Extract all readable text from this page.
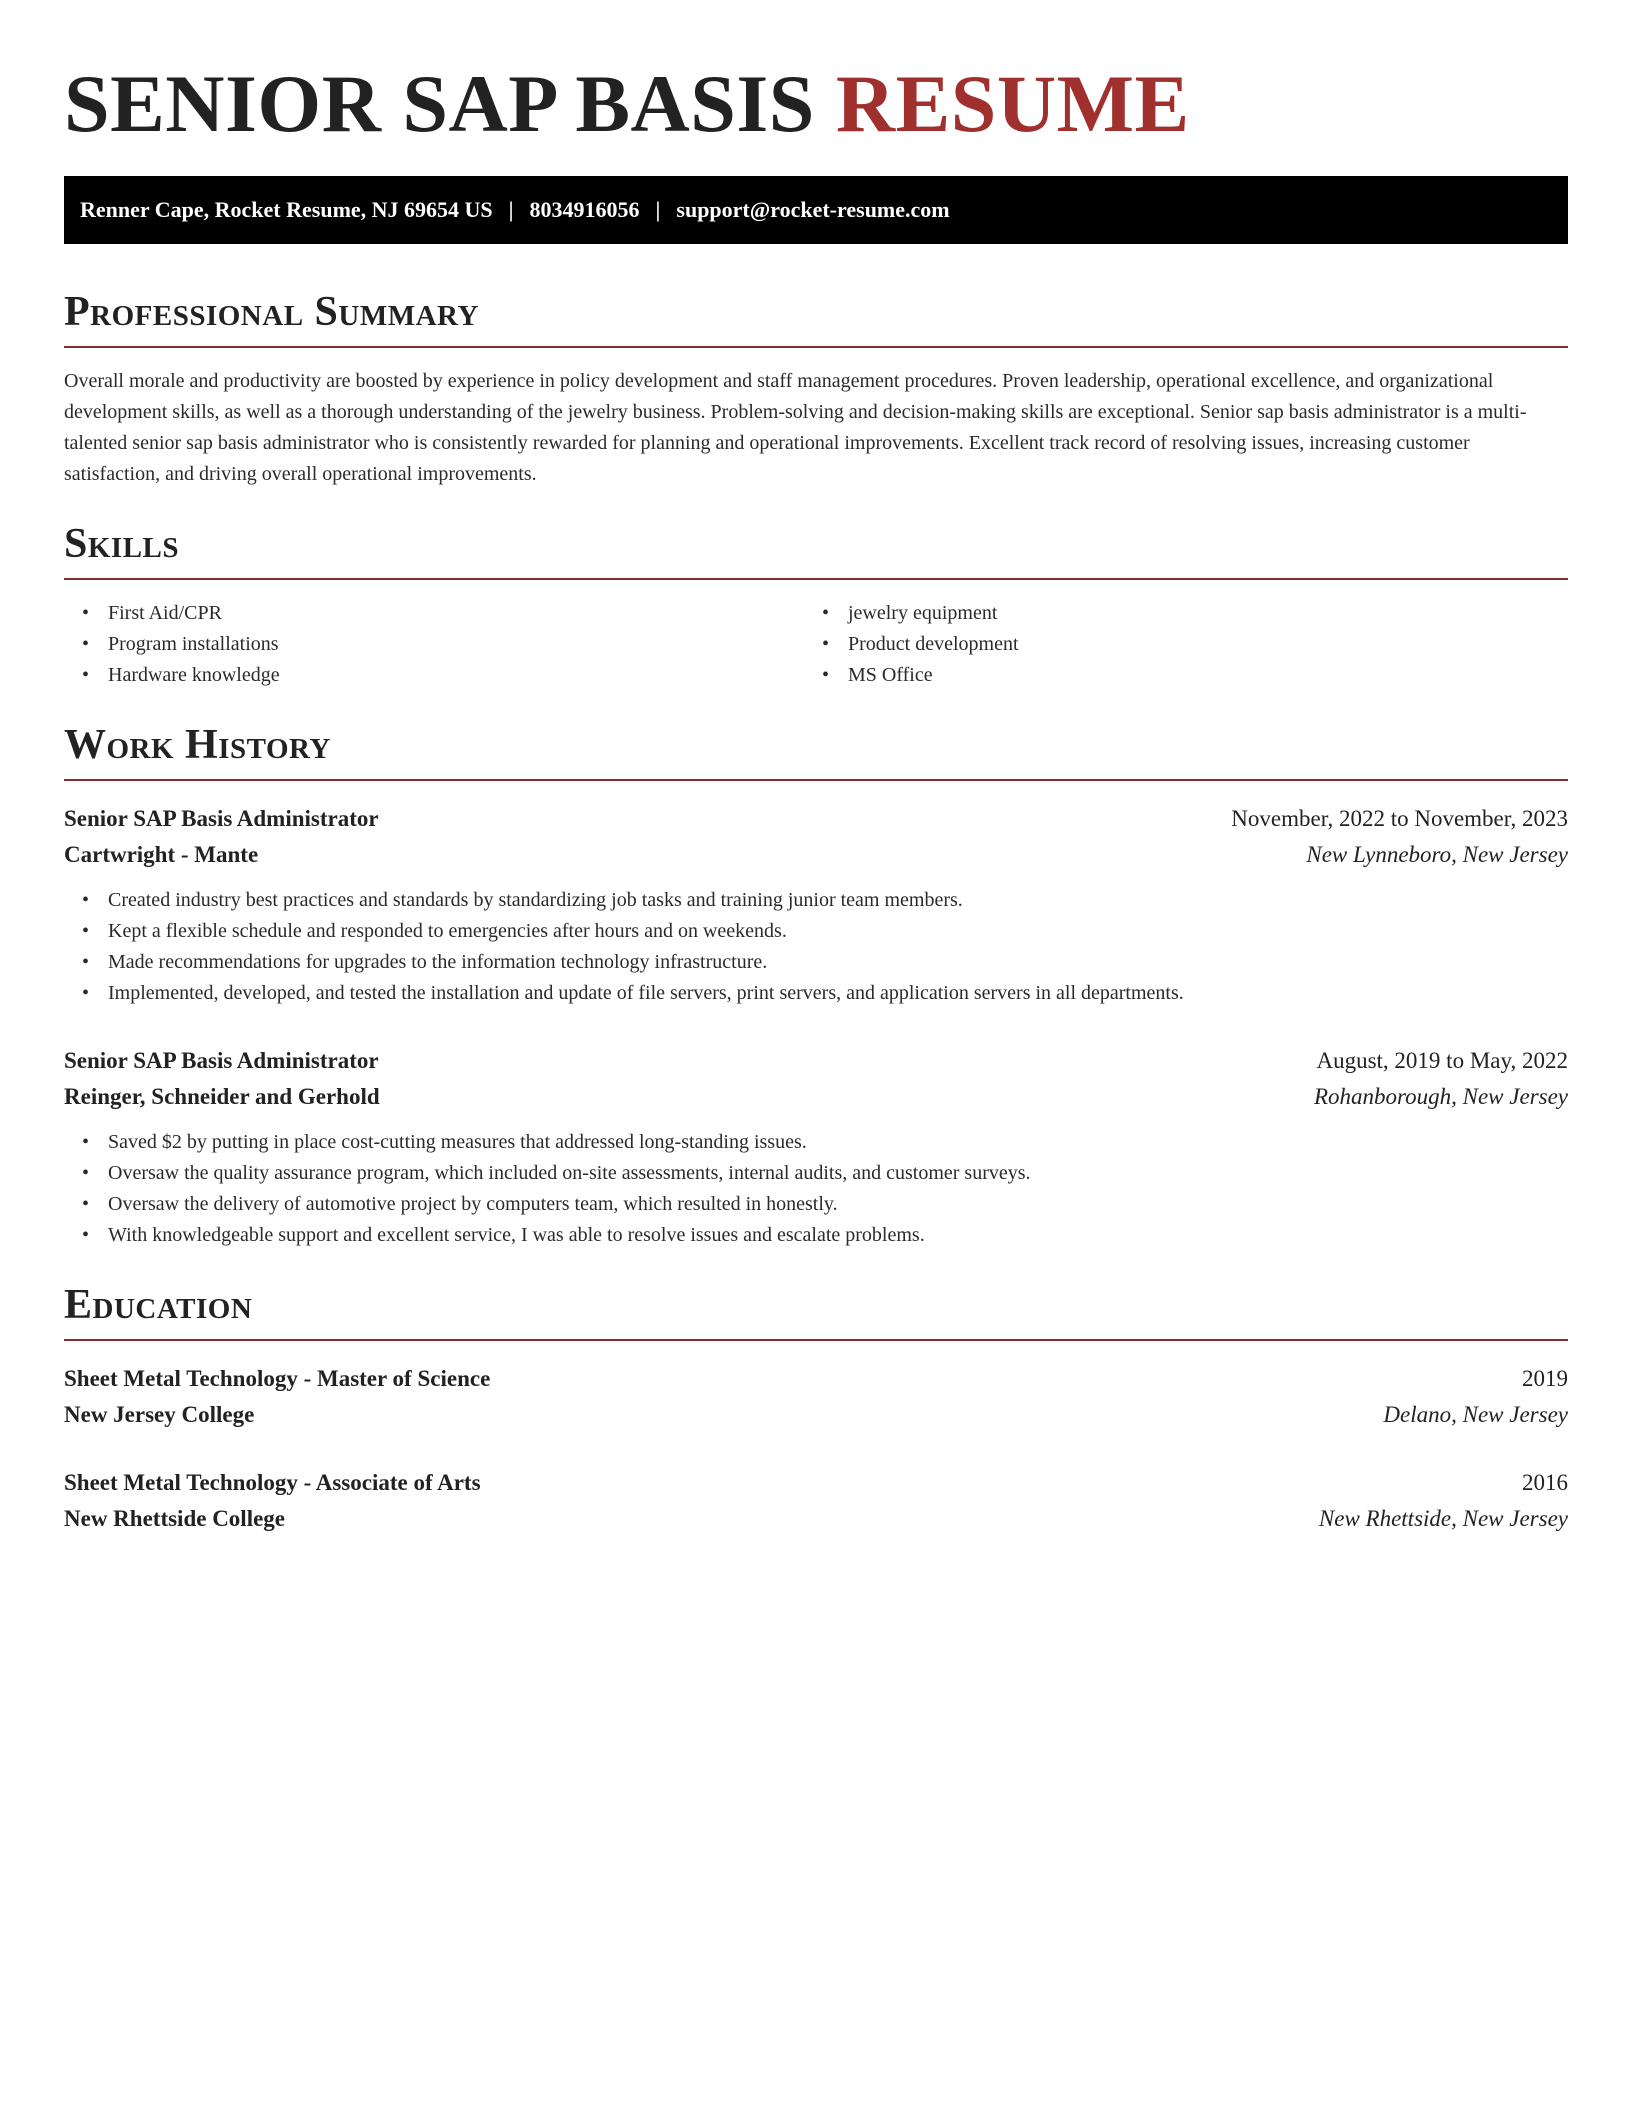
SENIOR SAP BASIS RESUME
Renner Cape, Rocket Resume, NJ 69654 US | 8034916056 | support@rocket-resume.com
Professional Summary

Overall morale and productivity are boosted by experience in policy development and staff management procedures. Proven leadership, operational excellence, and organizational development skills, as well as a thorough understanding of the jewelry business. Problem-solving and decision-making skills are exceptional. Senior sap basis administrator is a multi-talented senior sap basis administrator who is consistently rewarded for planning and operational improvements. Excellent track record of resolving issues, increasing customer satisfaction, and driving overall operational improvements.

Skills
• First Aid/CPR
• Program installations
• Hardware knowledge
• jewelry equipment
• Product development
• MS Office
Work History
Senior SAP Basis Administrator	November, 2022 to November, 2023
Cartwright - Mante	New Lynneboro, New Jersey
• Created industry best practices and standards by standardizing job tasks and training junior team members.
• Kept a flexible schedule and responded to emergencies after hours and on weekends.
• Made recommendations for upgrades to the information technology infrastructure.
• Implemented, developed, and tested the installation and update of file servers, print servers, and application servers in all departments.
Senior SAP Basis Administrator	August, 2019 to May, 2022
Reinger, Schneider and Gerhold	Rohanborough, New Jersey
• Saved $2 by putting in place cost-cutting measures that addressed long-standing issues.
• Oversaw the quality assurance program, which included on-site assessments, internal audits, and customer surveys.
• Oversaw the delivery of automotive project by computers team, which resulted in honestly.
• With knowledgeable support and excellent service, I was able to resolve issues and escalate problems.
Education
Sheet Metal Technology - Master of Science	2019
New Jersey College	Delano, New Jersey
Sheet Metal Technology - Associate of Arts	2016
New Rhettside College	New Rhettside, New Jersey
